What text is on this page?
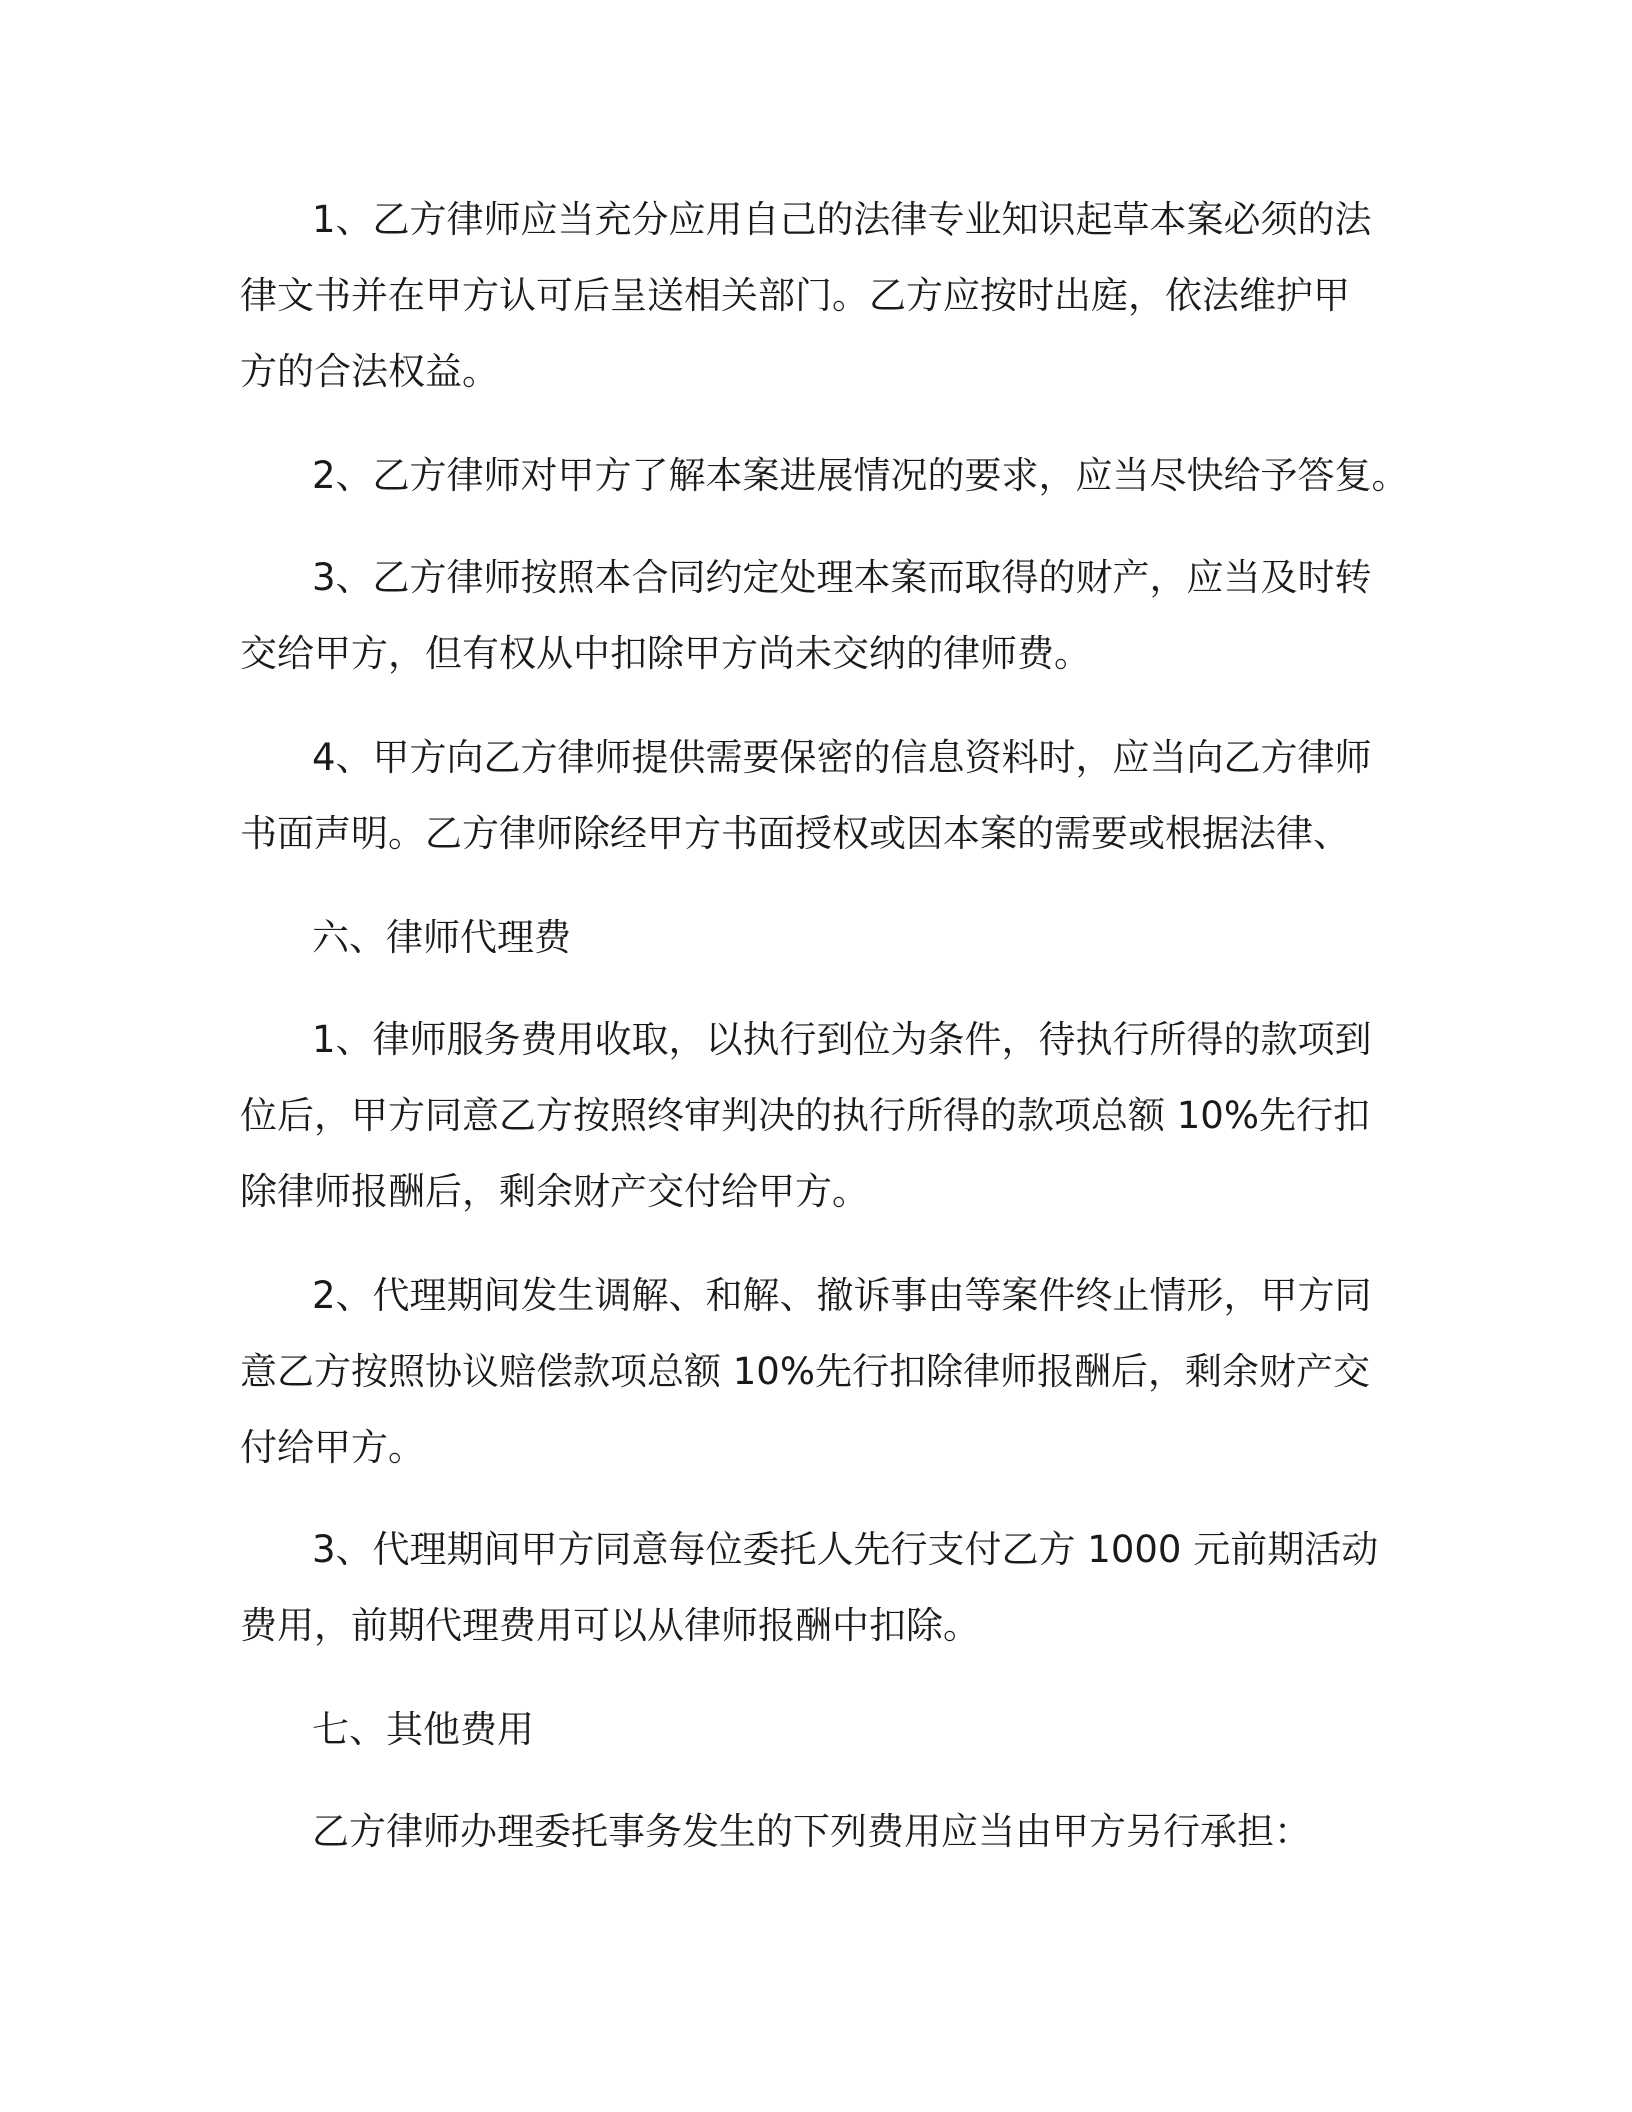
1、乙方律师应当充分应用自己的法律专业知识起草本案必须的法

律文书并在甲方认可后呈送相关部门。乙方应按时出庭，依法维护甲

方的合法权益。

2、乙方律师对甲方了解本案进展情况的要求，应当尽快给予答复。

3、乙方律师按照本合同约定处理本案而取得的财产，应当及时转

交给甲方，但有权从中扣除甲方尚未交纳的律师费。

4、甲方向乙方律师提供需要保密的信息资料时，应当向乙方律师

书面声明。乙方律师除经甲方书面授权或因本案的需要或根据法律、

六、律师代理费

1、律师服务费用收取，以执行到位为条件，待执行所得的款项到

位后，甲方同意乙方按照终审判决的执行所得的款项总额 10%先行扣

除律师报酬后，剩余财产交付给甲方。

2、代理期间发生调解、和解、撤诉事由等案件终止情形，甲方同

意乙方按照协议赔偿款项总额 10%先行扣除律师报酬后，剩余财产交

付给甲方。

3、代理期间甲方同意每位委托人先行支付乙方 1000 元前期活动

费用，前期代理费用可以从律师报酬中扣除。

七、其他费用

乙方律师办理委托事务发生的下列费用应当由甲方另行承担：
